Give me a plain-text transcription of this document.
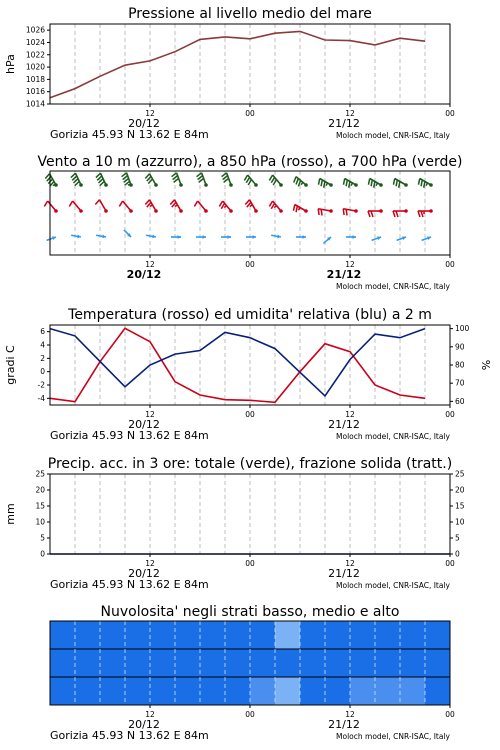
Pressione al livello medio del mare
1014
1016
1018
1020
1022
1024
1026
hPa
12	00	12	00
20/12	21/12
Gorizia 45.93 N 13.62 E 84m	Moloch model, CNR-ISAC, Italy
Vento a 10 m (azzurro), a 850 hPa (rosso), a 700 hPa (verde)
12	00	12	00
20/12	21/12
Moloch model, CNR-ISAC, Italy
Temperatura (rosso) ed umidita' relativa (blu) a 2 m
-4
-2
0
2
4
6
60
70
80
90
100
gradi C	%
12	00	12	00
20/12	21/12
Gorizia 45.93 N 13.62 E 84m	Moloch model, CNR-ISAC, Italy
Precip. acc. in 3 ore: totale (verde), frazione solida (tratt.)
0
5
10
15
20
25
0
5
10
15
20
25
mm
12	00	12	00
20/12	21/12
Gorizia 45.93 N 13.62 E 84m	Moloch model, CNR-ISAC, Italy
Nuvolosita' negli strati basso, medio e alto
12	00	12	00
20/12	21/12
Gorizia 45.93 N 13.62 E 84m	Moloch model, CNR-ISAC, Italy
